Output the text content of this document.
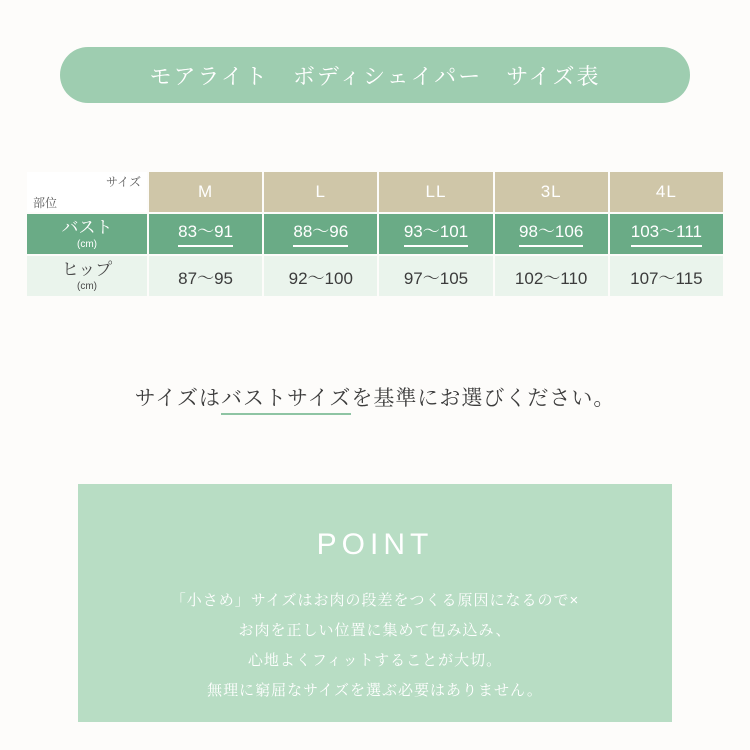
モアライト　ボディシェイパー　サイズ表
サイズ
部位	M	L	LL	3L	4L
バスト
(cm)	83〜91	88〜96	93〜101	98〜106	103〜111
ヒップ
(cm)	87〜95	92〜100	97〜105	102〜110	107〜115
サイズはバストサイズを基準にお選びください。
POINT
「小さめ」サイズはお肉の段差をつくる原因になるので×
お肉を正しい位置に集めて包み込み、
心地よくフィットすることが大切。
無理に窮屈なサイズを選ぶ必要はありません。
